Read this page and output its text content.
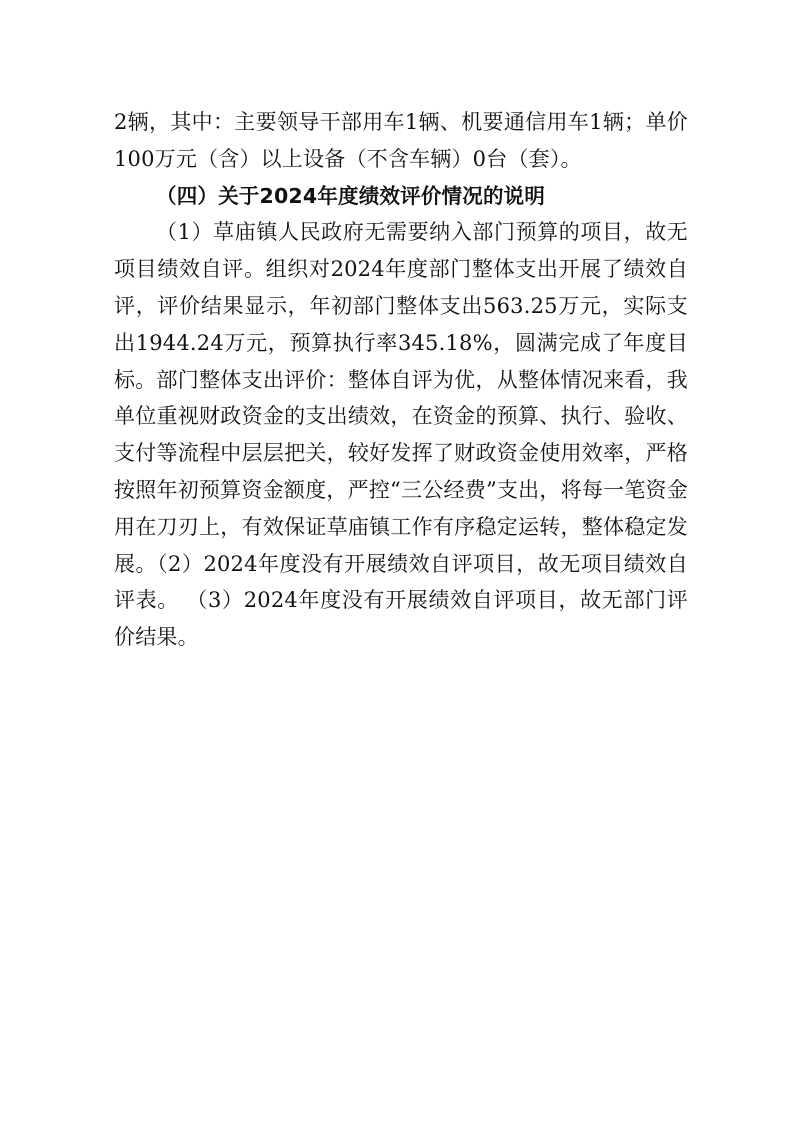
2辆，其中：主要领导干部用车1辆、机要通信用车1辆；单价100万元（含）以上设备（不含车辆）0台（套）。

（四）关于2024年度绩效评价情况的说明

（1）草庙镇人民政府无需要纳入部门预算的项目，故无项目绩效自评。组织对2024年度部门整体支出开展了绩效自评，评价结果显示，年初部门整体支出563.25万元，实际支出1944.24万元，预算执行率345.18%，圆满完成了年度目标。部门整体支出评价：整体自评为优，从整体情况来看，我单位重视财政资金的支出绩效，在资金的预算、执行、验收、支付等流程中层层把关，较好发挥了财政资金使用效率，严格按照年初预算资金额度，严控“三公经费”支出，将每一笔资金用在刀刃上，有效保证草庙镇工作有序稳定运转，整体稳定发展。（2）2024年度没有开展绩效自评项目，故无项目绩效自评表。 （3）2024年度没有开展绩效自评项目，故无部门评价结果。
